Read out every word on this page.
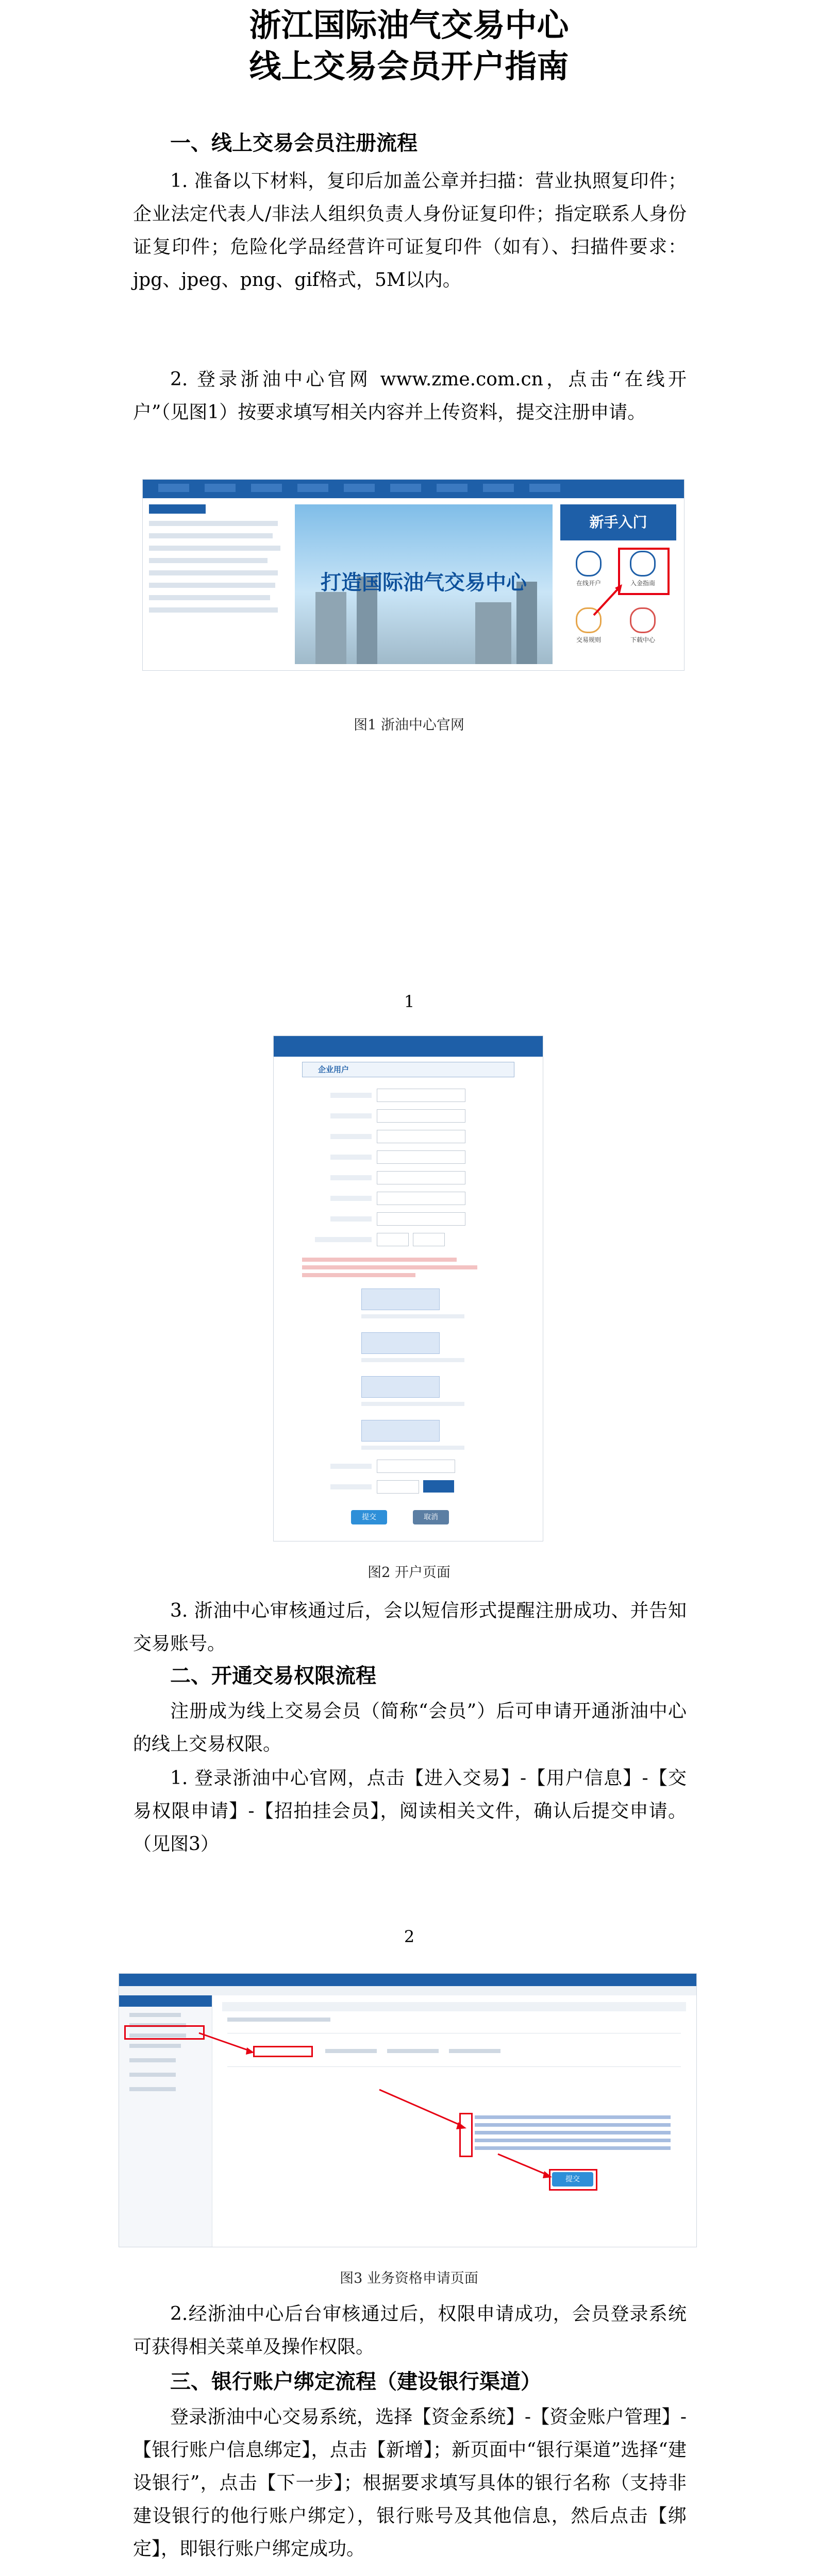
浙江国际油气交易中心
线上交易会员开户指南
一、线上交易会员注册流程
1. 准备以下材料，复印后加盖公章并扫描：营业执照复印件；企业法定代表人/非法人组织负责人身份证复印件；指定联系人身份证复印件；危险化学品经营许可证复印件（如有）、扫描件要求：jpg、jpeg、png、gif格式，5M以内。
2. 登录浙油中心官网 www.zme.com.cn，点击“在线开户”（见图1）按要求填写相关内容并上传资料，提交注册申请。
打造国际油气交易中心
新手入门
在线开户	入金指南
交易规则	下载中心
图1 浙油中心官网
1
企业用户
提交	取消
图2 开户页面
3. 浙油中心审核通过后，会以短信形式提醒注册成功、并告知交易账号。
二、开通交易权限流程
注册成为线上交易会员（简称“会员”）后可申请开通浙油中心的线上交易权限。
1. 登录浙油中心官网，点击【进入交易】-【用户信息】-【交易权限申请】-【招拍挂会员】，阅读相关文件，确认后提交申请。（见图3）
2
提交
图3 业务资格申请页面
2.经浙油中心后台审核通过后，权限申请成功，会员登录系统可获得相关菜单及操作权限。
三、银行账户绑定流程（建设银行渠道）
登录浙油中心交易系统，选择【资金系统】-【资金账户管理】-【银行账户信息绑定】，点击【新增】；新页面中“银行渠道”选择“建设银行”，点击【下一步】；根据要求填写具体的银行名称（支持非建设银行的他行账户绑定），银行账号及其他信息，然后点击【绑定】，即银行账户绑定成功。
